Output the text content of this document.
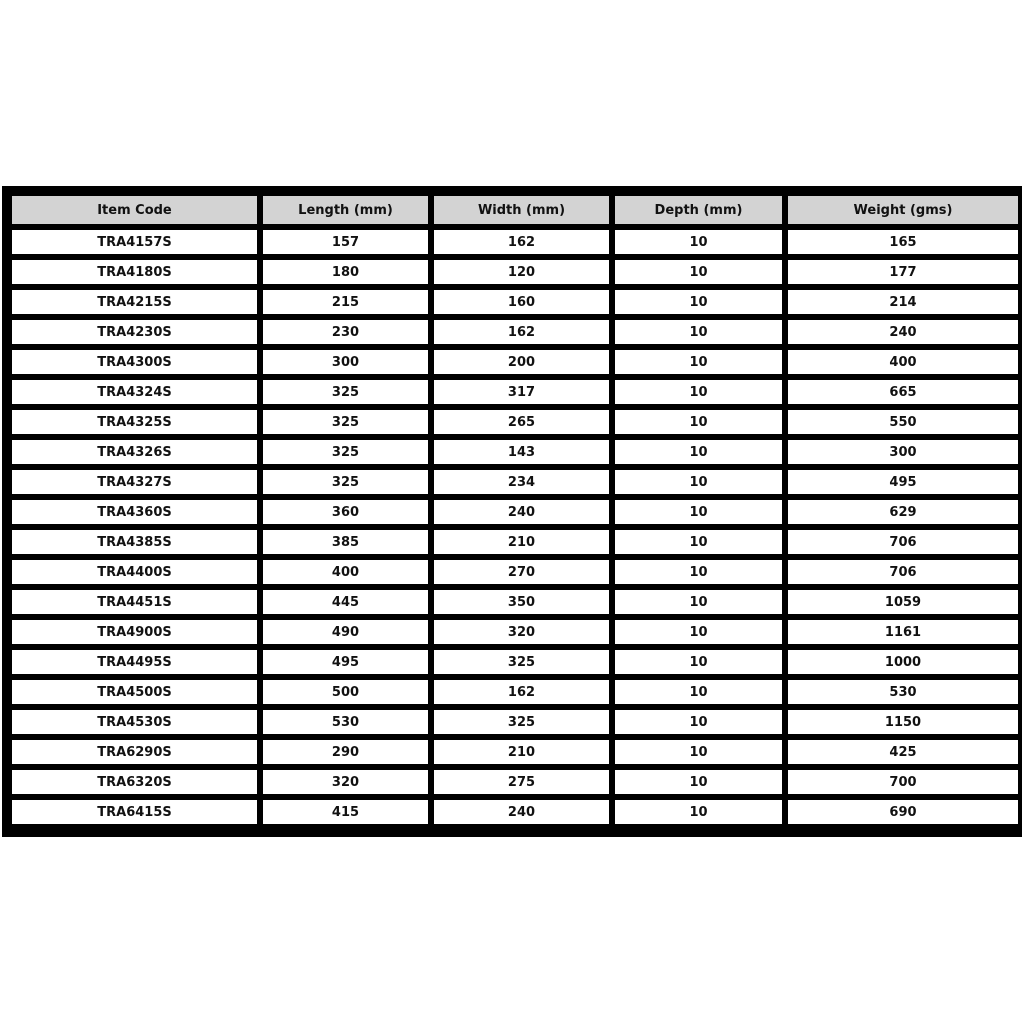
Item Code	Length (mm)	Width (mm)	Depth (mm)	Weight (gms)
TRA4157S	157	162	10	165
TRA4180S	180	120	10	177
TRA4215S	215	160	10	214
TRA4230S	230	162	10	240
TRA4300S	300	200	10	400
TRA4324S	325	317	10	665
TRA4325S	325	265	10	550
TRA4326S	325	143	10	300
TRA4327S	325	234	10	495
TRA4360S	360	240	10	629
TRA4385S	385	210	10	706
TRA4400S	400	270	10	706
TRA4451S	445	350	10	1059
TRA4900S	490	320	10	1161
TRA4495S	495	325	10	1000
TRA4500S	500	162	10	530
TRA4530S	530	325	10	1150
TRA6290S	290	210	10	425
TRA6320S	320	275	10	700
TRA6415S	415	240	10	690
